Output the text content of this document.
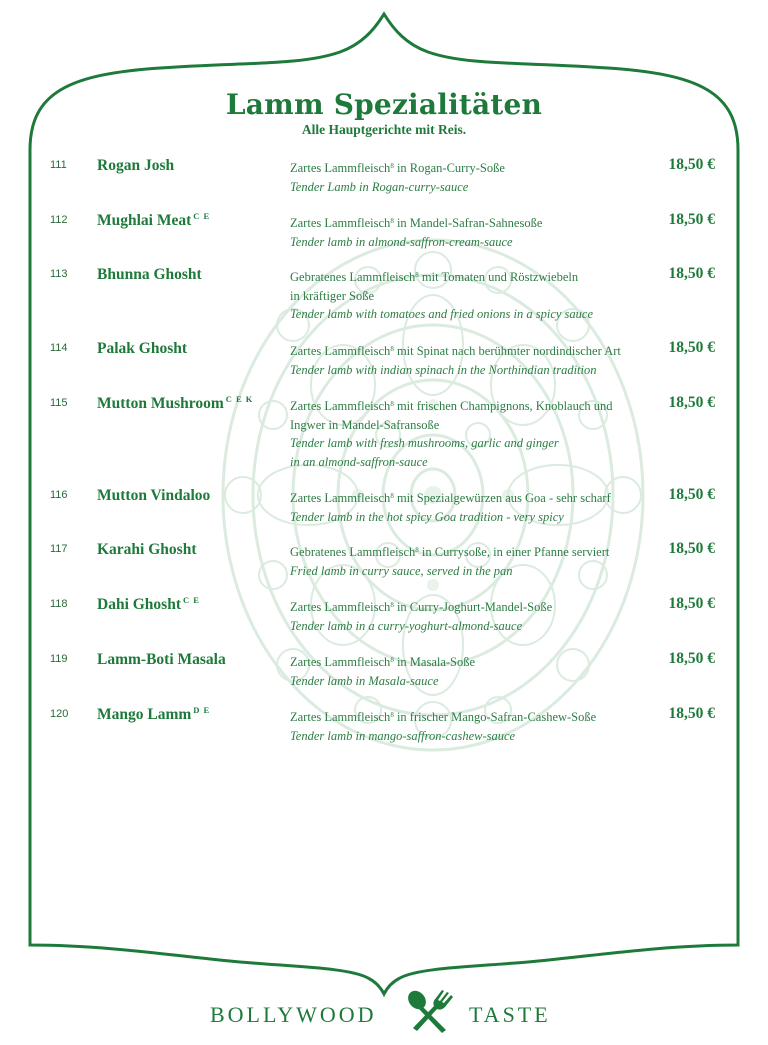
Lamm Spezialitäten
Alle Hauptgerichte mit Reis.
111 Rogan Josh	Zartes Lammfleisch$^8$ in Rogan-Curry-Soße
Tender Lamb in Rogan-curry-sauce
18,50 €
112 Mughlai Meat $^{C E}$	Zartes Lammfleisch$^8$ in Mandel-Safran-Sahnesoße
Tender lamb in almond-saffron-cream-sauce
18,50 €
113 Bhunna Ghosht	Gebratenes Lammfleisch$^8$ mit Tomaten und Röstzwiebeln
in kräftiger Soße
Tender lamb with tomatoes and fried onions in a spicy sauce
18,50 €
114 Palak Ghosht	Zartes Lammfleisch$^8$ mit Spinat nach berühmter nordindischer Art
Tender lamb with indian spinach in the Northindian tradition
18,50 €
115 Mutton Mushroom $^{C E K}$	Zartes Lammfleisch$^8$ mit frischen Champignons, Knoblauch und
Ingwer in Mandel-Safransoße
Tender lamb with fresh mushrooms, garlic and ginger
in an almond-saffron-sauce
18,50 €
116 Mutton Vindaloo	Zartes Lammfleisch$^8$ mit Spezialgewürzen aus Goa - sehr scharf
Tender lamb in the hot spicy Goa tradition - very spicy
18,50 €
117 Karahi Ghosht	Gebratenes Lammfleisch$^8$ in Currysoße, in einer Pfanne serviert
Fried lamb in curry sauce, served in the pan
18,50 €
118 Dahi Ghosht $^{C E}$	Zartes Lammfleisch$^8$ in Curry-Joghurt-Mandel-Soße
Tender lamb in a curry-yoghurt-almond-sauce
18,50 €
119 Lamm-Boti Masala	Zartes Lammfleisch$^8$ in Masala-Soße
Tender lamb in Masala-sauce
18,50 €
120 Mango Lamm $^{D E}$	Zartes Lammfleisch$^8$ in frischer Mango-Safran-Cashew-Soße
Tender lamb in mango-saffron-cashew-sauce
18,50 €
BOLLYWOOD	TASTE
